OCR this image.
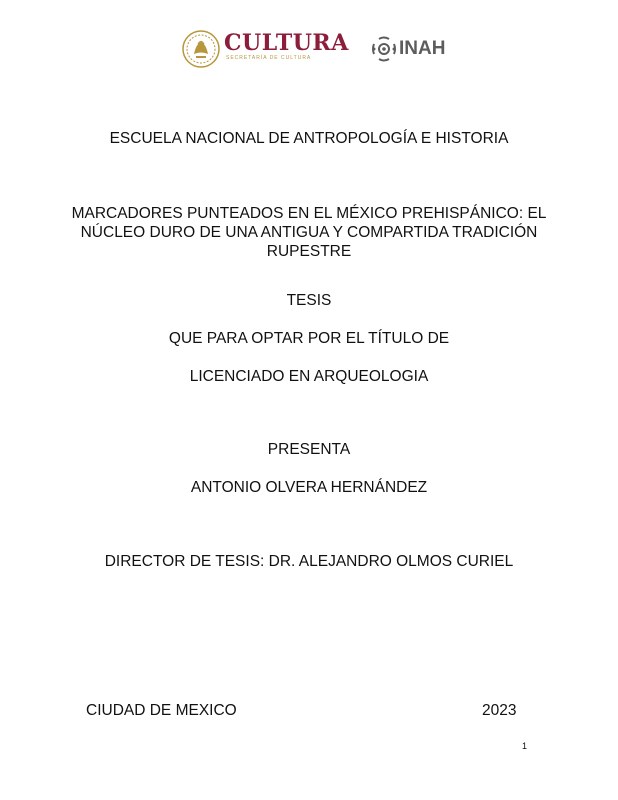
CULTURA
SECRETARÍA DE CULTURA	INAH
ESCUELA NACIONAL DE ANTROPOLOGÍA E HISTORIA
MARCADORES PUNTEADOS EN EL MÉXICO PREHISPÁNICO: EL NÚCLEO DURO DE UNA ANTIGUA Y COMPARTIDA TRADICIÓN RUPESTRE
TESIS
QUE PARA OPTAR POR EL TÍTULO DE
LICENCIADO EN ARQUEOLOGIA
PRESENTA
ANTONIO OLVERA HERNÁNDEZ
DIRECTOR DE TESIS: DR. ALEJANDRO OLMOS CURIEL
CIUDAD DE MEXICO	2023
1
